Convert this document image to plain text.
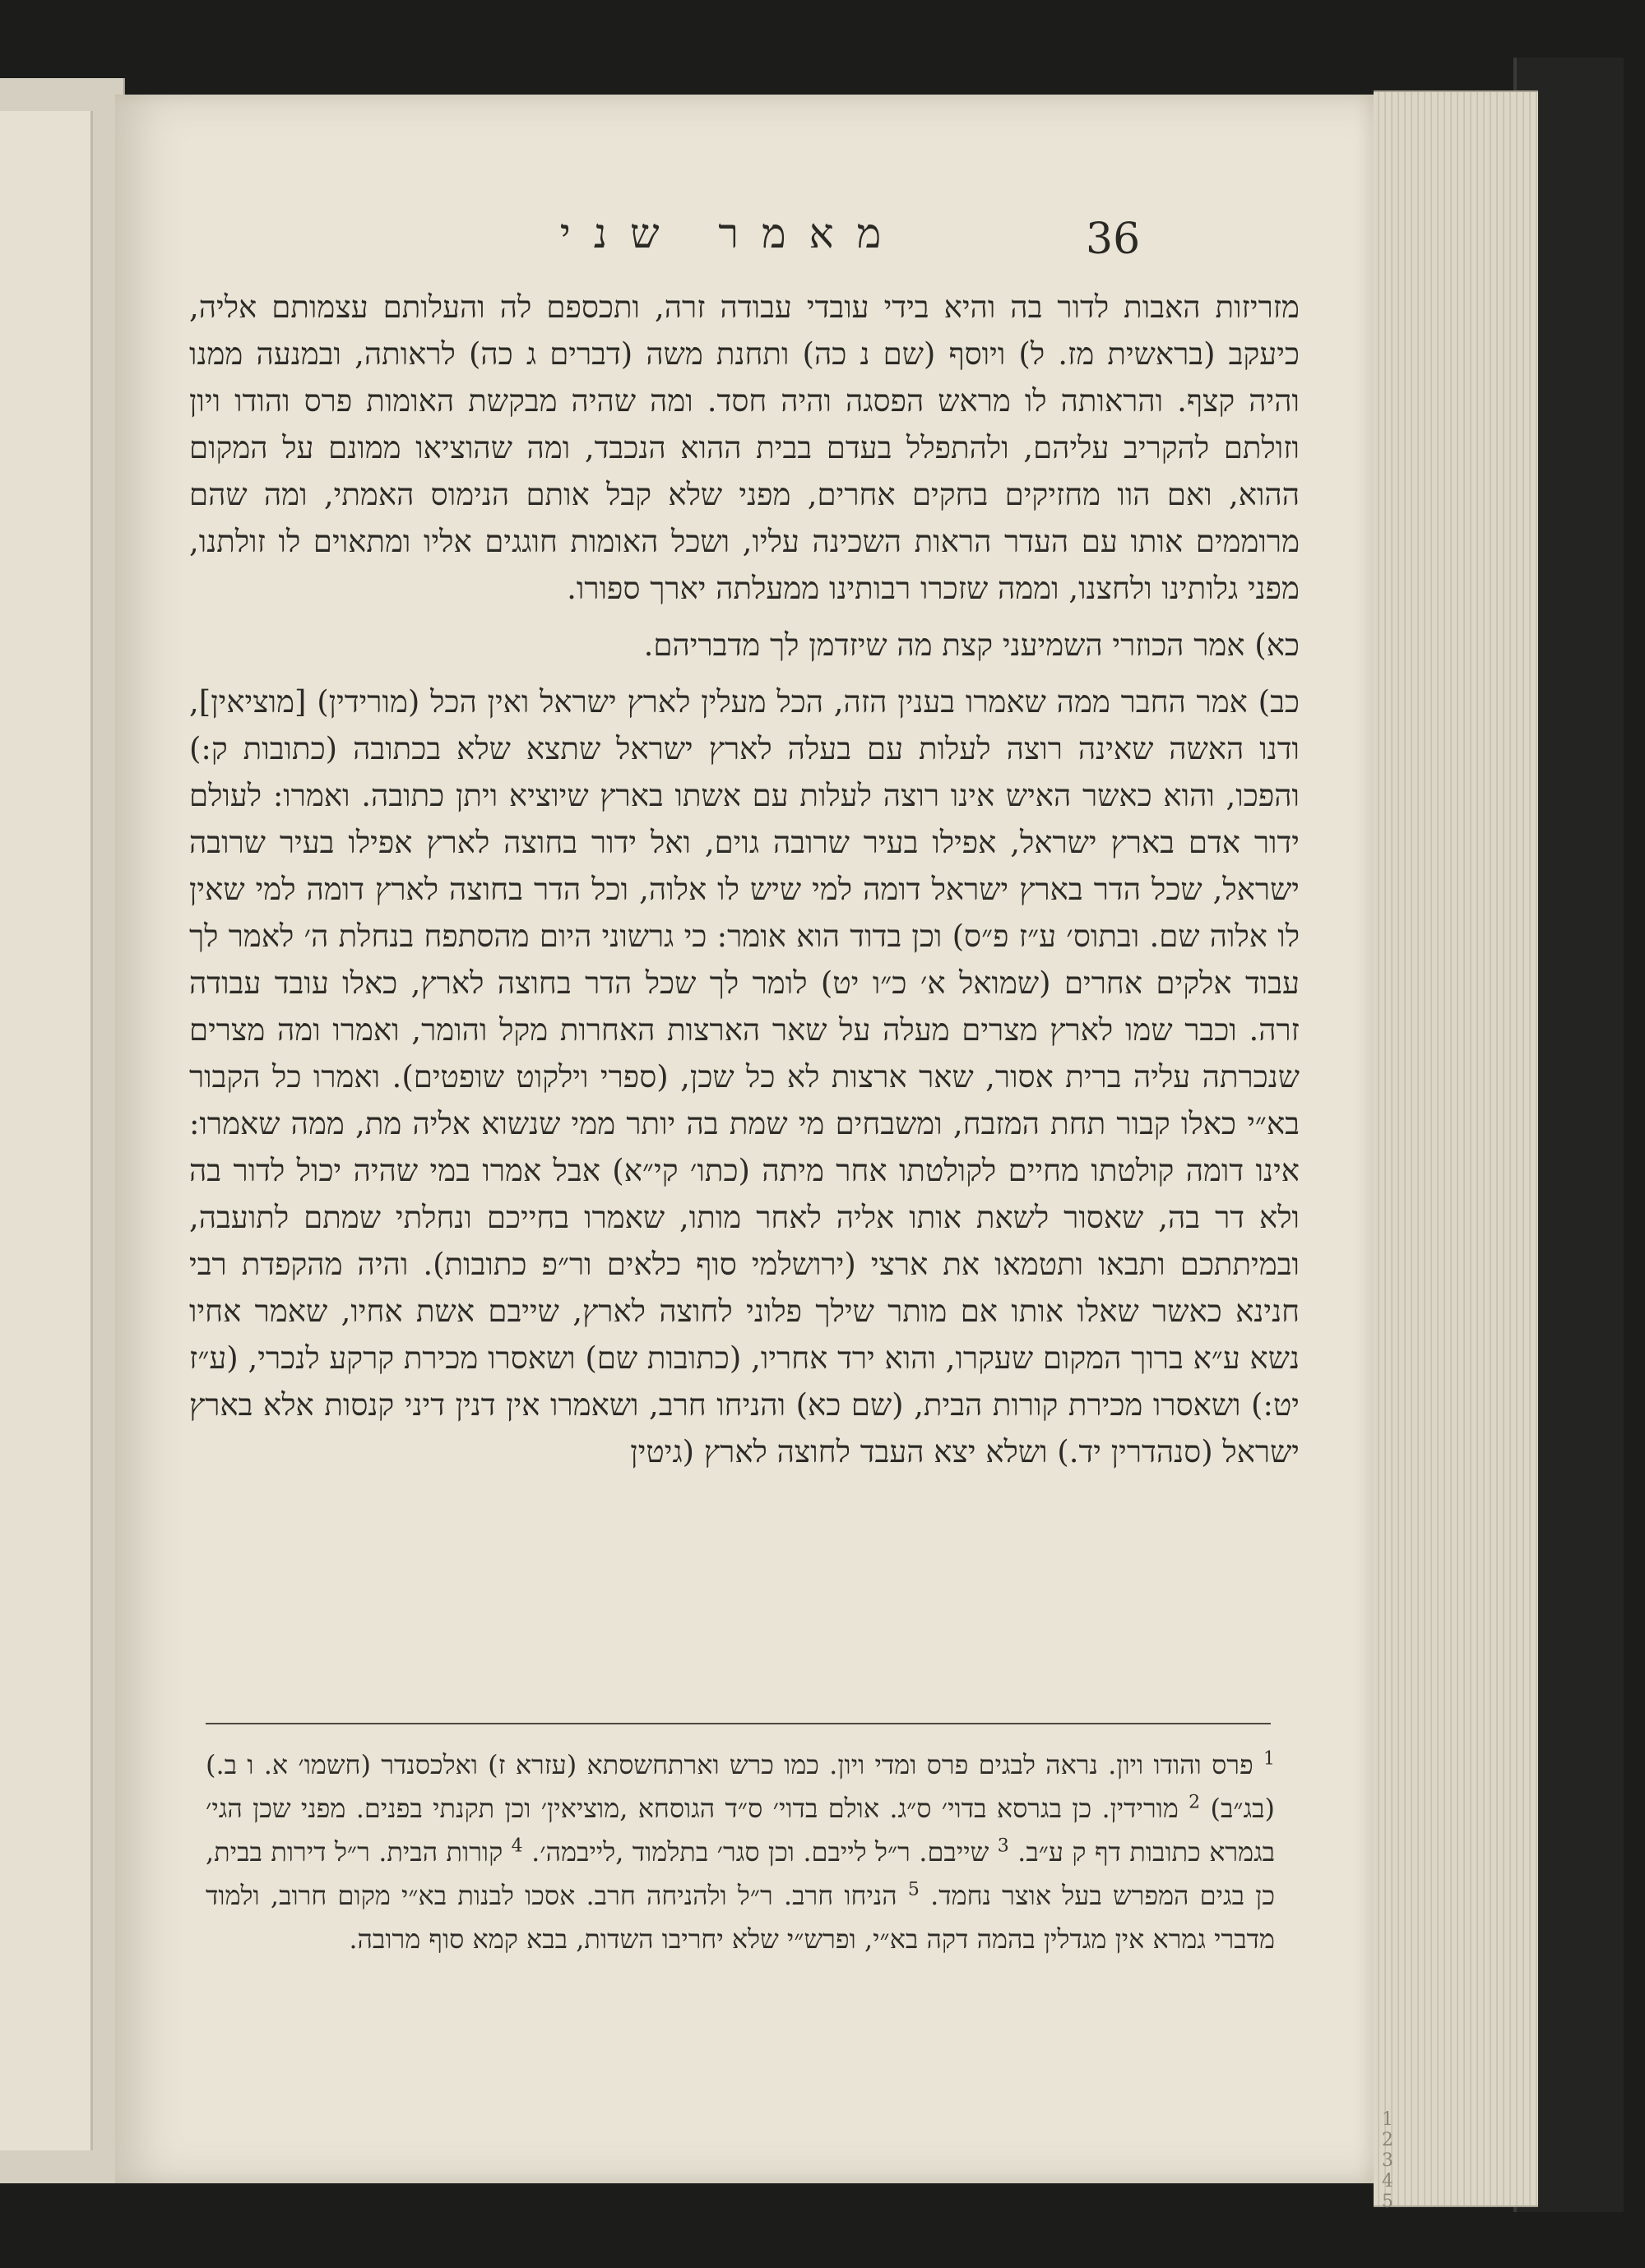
מאמר שני	36

מזריזות האבות לדור בה והיא בידי עובדי עבודה זרה, ותכספם לה והעלותם עצמותם אליה, כיעקב (בראשית מז. ל) ויוסף (שם נ כה) ותחנת משה (דברים ג כה) לראותה, ובמנעה ממנו והיה קצף. והראותה לו מראש הפסגה והיה חסד. ומה שהיה מבקשת האומות פרס והודו ויון וזולתם להקריב עליהם, ולהתפלל בעדם בבית ההוא הנכבד, ומה שהוציאו ממונם על המקום ההוא, ואם הוו מחזיקים בחקים אחרים, מפני שלא קבל אותם הנימוס האמתי, ומה שהם מרוממים אותו עם העדר הראות השכינה עליו, ושכל האומות חוגגים אליו ומתאוים לו זולתנו, מפני גלותינו ולחצנו, וממה שזכרו רבותינו ממעלתה יארך ספורו.

כא) אמר הכוזרי השמיעני קצת מה שיזדמן לך מדבריהם.

כב) אמר החבר ממה שאמרו בענין הזה, הכל מעלין לארץ ישראל ואין הכל (מורידין) [מוציאין], ודנו האשה שאינה רוצה לעלות עם בעלה לארץ ישראל שתצא שלא בכתובה (כתובות ק:) והפכו, והוא כאשר האיש אינו רוצה לעלות עם אשתו בארץ שיוציא ויתן כתובה. ואמרו: לעולם ידור אדם בארץ ישראל, אפילו בעיר שרובה גוים, ואל ידור בחוצה לארץ אפילו בעיר שרובה ישראל, שכל הדר בארץ ישראל דומה למי שיש לו אלוה, וכל הדר בחוצה לארץ דומה למי שאין לו אלוה שם. ובתוס׳ ע״ז פ״ס) וכן בדוד הוא אומר: כי גרשוני היום מהסתפח בנחלת ה׳ לאמר לך עבוד אלקים אחרים (שמואל א׳ כ״ו יט) לומר לך שכל הדר בחוצה לארץ, כאלו עובד עבודה זרה. וכבר שמו לארץ מצרים מעלה על שאר הארצות האחרות מקל והומר, ואמרו ומה מצרים שנכרתה עליה ברית אסור, שאר ארצות לא כל שכן, (ספרי וילקוט שופטים). ואמרו כל הקבור בא״י כאלו קבור תחת המזבח, ומשבחים מי שמת בה יותר ממי שנשוא אליה מת, ממה שאמרו: אינו דומה קולטתו מחיים לקולטתו אחר מיתה (כתו׳ קי״א) אבל אמרו במי שהיה יכול לדור בה ולא דר בה, שאסור לשאת אותו אליה לאחר מותו, שאמרו בחייכם ונחלתי שמתם לתועבה, ובמיתתכם ותבאו ותטמאו את ארצי (ירושלמי סוף כלאים ור״פ כתובות). והיה מהקפדת רבי חנינא כאשר שאלו אותו אם מותר שילך פלוני לחוצה לארץ, שייבם אשת אחיו, שאמר אחיו נשא ע״א ברוך המקום שעקרו, והוא ירד אחריו, (כתובות שם) ושאסרו מכירת קרקע לנכרי, (ע״ז יט:) ושאסרו מכירת קורות הבית, (שם כא) והניחו חרב, ושאמרו אין דנין דיני קנסות אלא בארץ ישראל (סנהדרין יד.) ושלא יצא העבד לחוצה לארץ (גיטין

$^1$ פרס והודו ויון. נראה לבגים פרס ומדי ויון. כמו כרש וארתחשסתא (עזרא ז) ואלכסנדר (חשמו׳ א. ו ב.) (בג״ב) $^2$ מורידין. כן בגרסא בדוי׳ ס״ג. אולם בדוי׳ ס״ד הגוסחא ,מוציאין׳ וכן תקנתי בפנים. מפני שכן הגי׳ בגמרא כתובות דף ק ע״ב. $^3$ שייבם. ר״ל לייבם. וכן סגר׳ בתלמוד ,לייבמה׳. $^4$ קורות הבית. ר״ל דירות בבית, כן בגים המפרש בעל אוצר נחמד. $^5$ הניחו חרב. ר״ל ולהניחה חרב. אסכו לבנות בא״י מקום חרוב, ולמוד מדברי גמרא אין מגדלין בהמה דקה בא״י, ופרש״י שלא יחריבו השדות, בבא קמא סוף מרובה.
1 2 3 4 5
